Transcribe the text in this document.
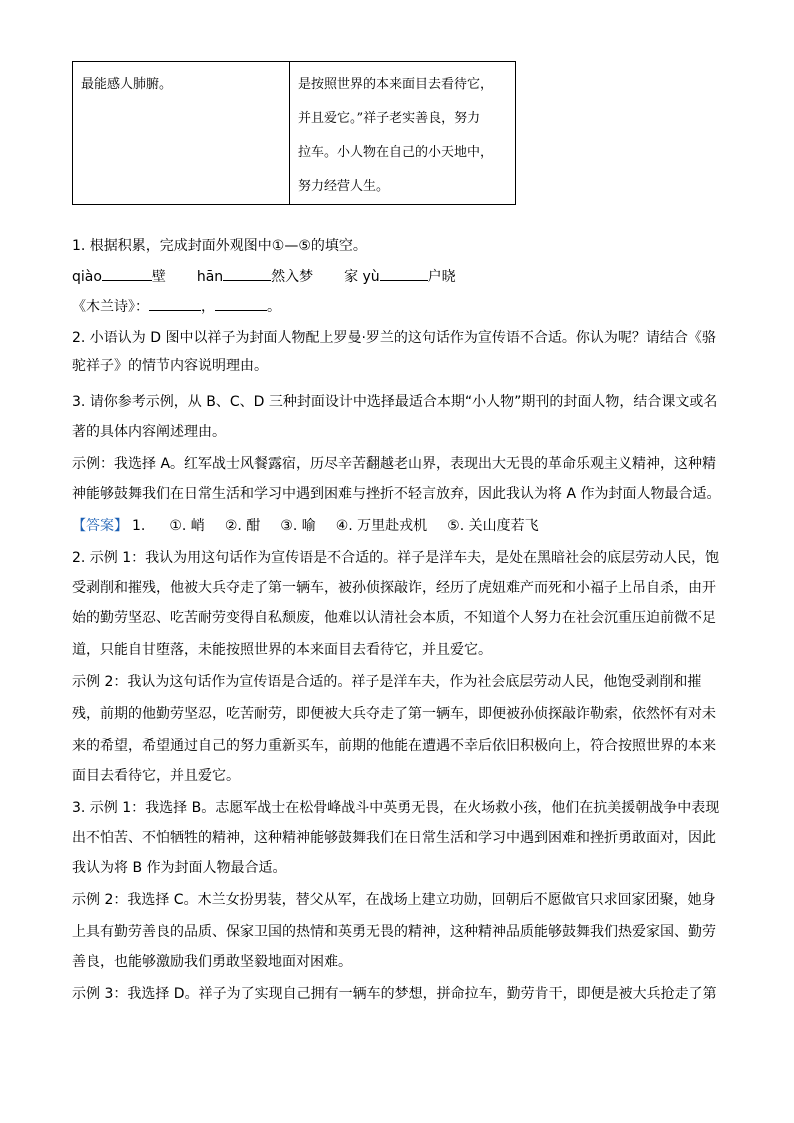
最能感人肺腑。	是按照世界的本来面目去看待它，
并且爱它。”祥子老实善良，努力
拉车。小人物在自己的小天地中，
努力经营人生。
1. 根据积累，完成封面外观图中①—⑤的填空。
qiào	壁 hān	然入梦 家 yù	户晓
《木兰诗》：	，	。
2. 小语认为 D 图中以祥子为封面人物配上罗曼·罗兰的这句话作为宣传语不合适。你认为呢？请结合《骆
驼祥子》的情节内容说明理由。
3. 请你参考示例，从 B、C、D 三种封面设计中选择最适合本期“小人物”期刊的封面人物，结合课文或名
著的具体内容阐述理由。
示例：我选择 A。红军战士风餐露宿，历尽辛苦翻越老山界，表现出大无畏的革命乐观主义精神，这种精
神能够鼓舞我们在日常生活和学习中遇到困难与挫折不轻言放弃，因此我认为将 A 作为封面人物最合适。
【答案】 1. ①. 峭 ②. 酣 ③. 喻 ④. 万里赴戎机 ⑤. 关山度若飞
2. 示例 1：我认为用这句话作为宣传语是不合适的。祥子是洋车夫，是处在黑暗社会的底层劳动人民，饱
受剥削和摧残，他被大兵夺走了第一辆车，被孙侦探敲诈，经历了虎妞难产而死和小福子上吊自杀，由开
始的勤劳坚忍、吃苦耐劳变得自私颓废，他难以认清社会本质，不知道个人努力在社会沉重压迫前微不足
道，只能自甘堕落，未能按照世界的本来面目去看待它，并且爱它。
示例 2：我认为这句话作为宣传语是合适的。祥子是洋车夫，作为社会底层劳动人民，他饱受剥削和摧
残，前期的他勤劳坚忍，吃苦耐劳，即便被大兵夺走了第一辆车，即便被孙侦探敲诈勒索，依然怀有对未
来的希望，希望通过自己的努力重新买车，前期的他能在遭遇不幸后依旧积极向上，符合按照世界的本来
面目去看待它，并且爱它。
3. 示例 1：我选择 B。志愿军战士在松骨峰战斗中英勇无畏，在火场救小孩，他们在抗美援朝战争中表现
出不怕苦、不怕牺牲的精神，这种精神能够鼓舞我们在日常生活和学习中遇到困难和挫折勇敢面对，因此
我认为将 B 作为封面人物最合适。
示例 2：我选择 C。木兰女扮男装，替父从军，在战场上建立功勋，回朝后不愿做官只求回家团聚，她身
上具有勤劳善良的品质、保家卫国的热情和英勇无畏的精神，这种精神品质能够鼓舞我们热爱家国、勤劳
善良，也能够激励我们勇敢坚毅地面对困难。
示例 3：我选择 D。祥子为了实现自己拥有一辆车的梦想，拼命拉车，勤劳肯干，即便是被大兵抢走了第
